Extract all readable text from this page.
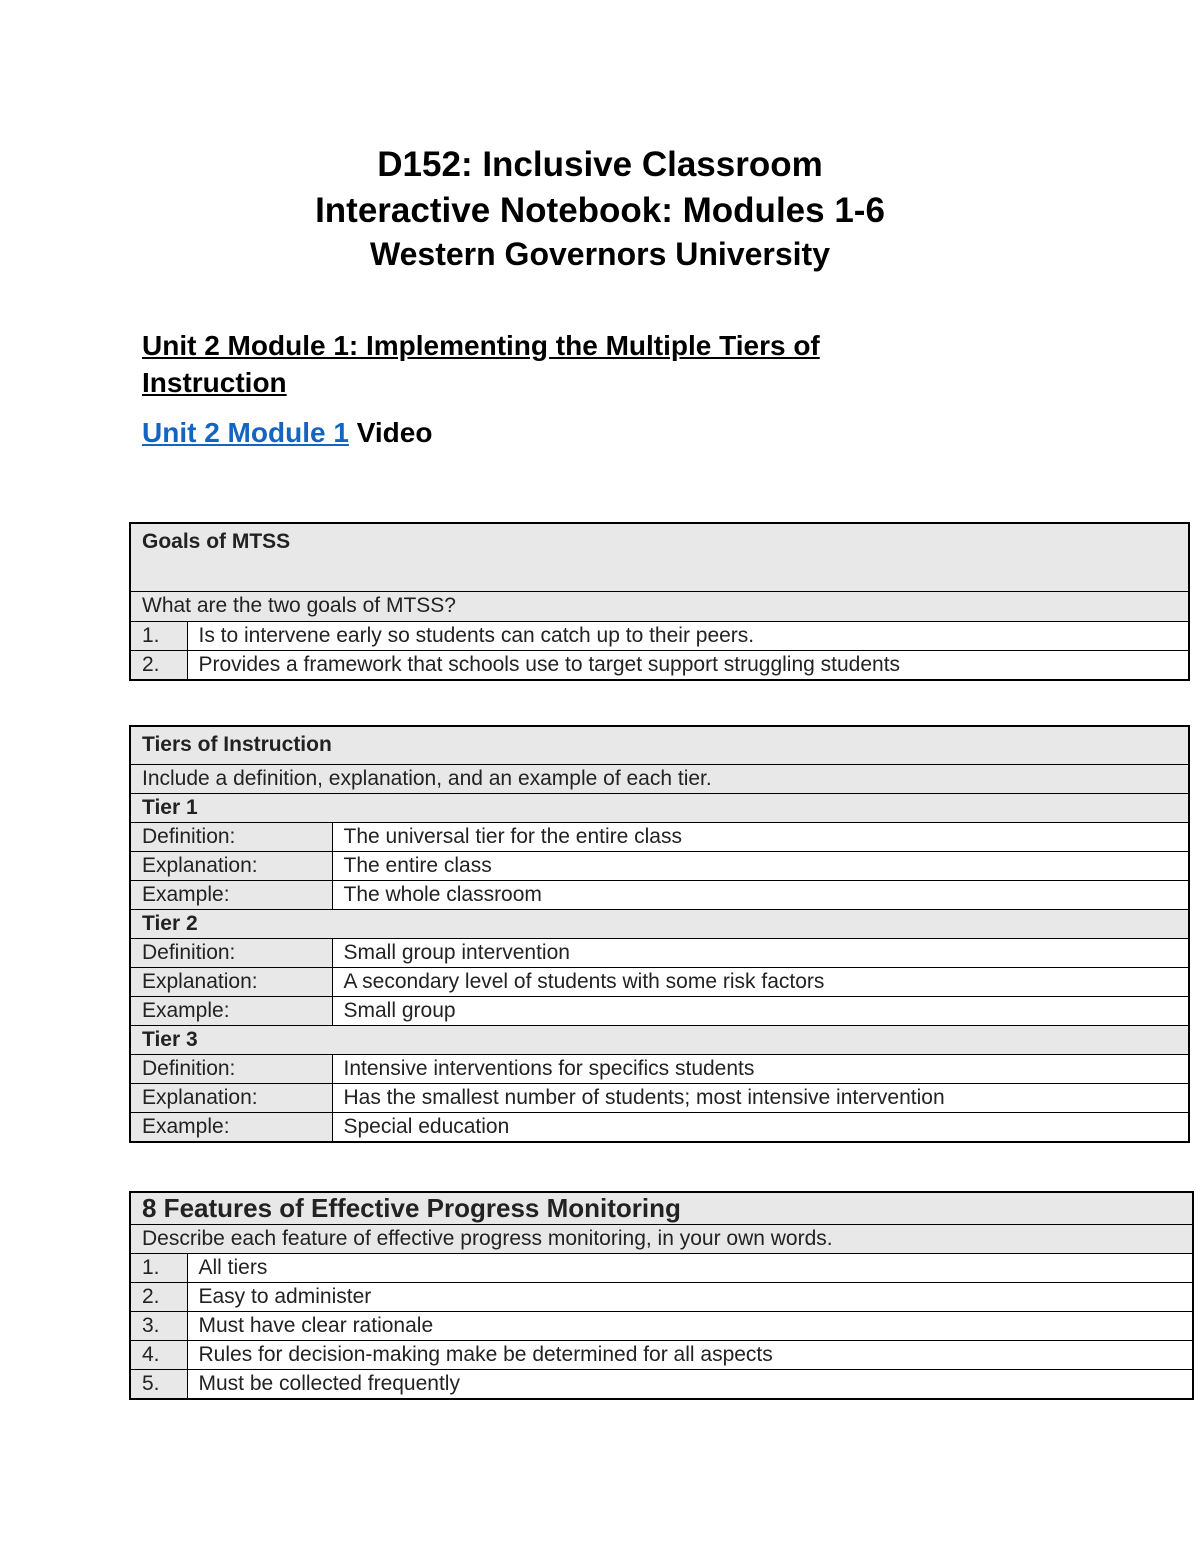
D152: Inclusive Classroom
Interactive Notebook: Modules 1-6
Western Governors University
Unit 2 Module 1: Implementing the Multiple Tiers of
Instruction
Unit 2 Module 1 Video
Goals of MTSS	
What are the two goals of MTSS?	
1.	Is to intervene early so students can catch up to their peers.
2.	Provides a framework that schools use to target support struggling students
Tiers of Instruction	
Include a definition, explanation, and an example of each tier.	
Tier 1	
Definition:	The universal tier for the entire class
Explanation:	The entire class
Example:	The whole classroom
Tier 2	
Definition:	Small group intervention
Explanation:	A secondary level of students with some risk factors
Example:	Small group
Tier 3	
Definition:	Intensive interventions for specifics students
Explanation:	Has the smallest number of students; most intensive intervention
Example:	Special education
8 Features of Effective Progress Monitoring	
Describe each feature of effective progress monitoring, in your own words.	
1.	All tiers
2.	Easy to administer
3.	Must have clear rationale
4.	Rules for decision-making make be determined for all aspects
5.	Must be collected frequently
